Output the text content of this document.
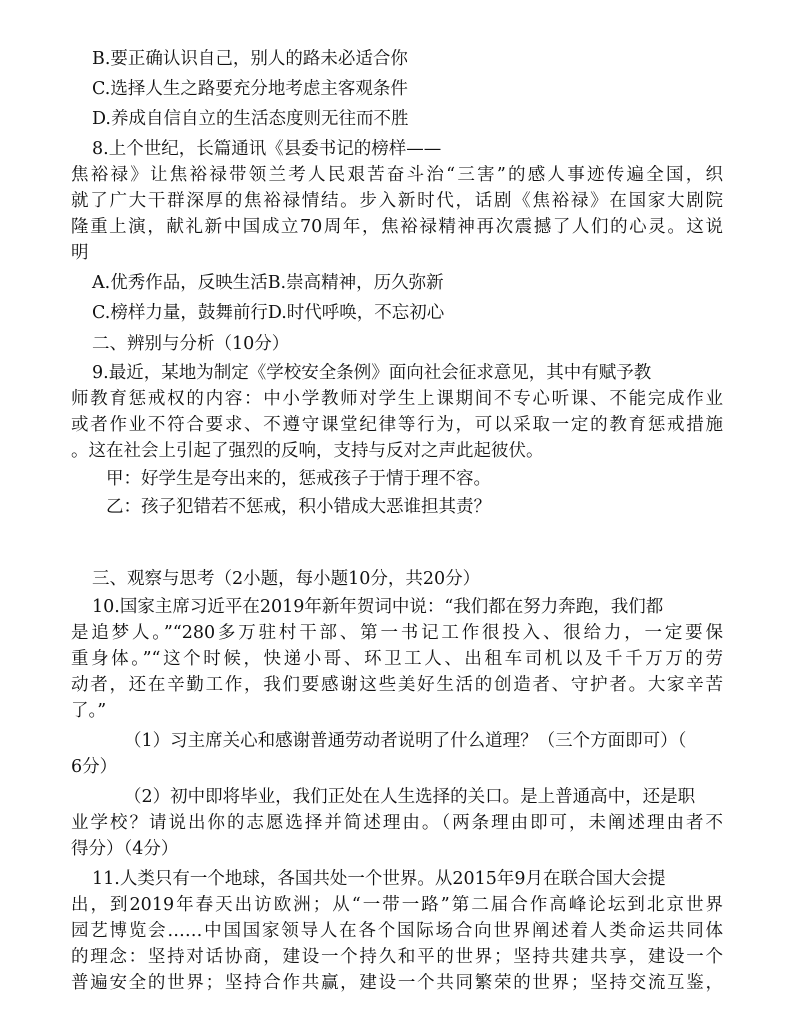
B.要正确认识自己，别人的路未必适合你
C.选择人生之路要充分地考虑主客观条件
D.养成自信自立的生活态度则无往而不胜
8.上个世纪，长篇通讯《县委书记的榜样——
焦裕禄》让焦裕禄带领兰考人民艰苦奋斗治“三害”的感人事迹传遍全国，织
就了广大干群深厚的焦裕禄情结。步入新时代，话剧《焦裕禄》在国家大剧院
隆重上演，献礼新中国成立70周年，焦裕禄精神再次震撼了人们的心灵。这说
明
A.优秀作品，反映生活B.崇高精神，历久弥新
C.榜样力量，鼓舞前行D.时代呼唤，不忘初心
二、辨别与分析（10分）
9.最近，某地为制定《学校安全条例》面向社会征求意见，其中有赋予教
师教育惩戒权的内容：中小学教师对学生上课期间不专心听课、不能完成作业
或者作业不符合要求、不遵守课堂纪律等行为，可以采取一定的教育惩戒措施
。这在社会上引起了强烈的反响，支持与反对之声此起彼伏。
甲：好学生是夸出来的，惩戒孩子于情于理不容。
乙：孩子犯错若不惩戒，积小错成大恶谁担其责？
三、观察与思考（2小题，每小题10分，共20分）
10.国家主席习近平在2019年新年贺词中说：“我们都在努力奔跑，我们都
是追梦人。”“280多万驻村干部、第一书记工作很投入、很给力，一定要保
重身体。”“这个时候，快递小哥、环卫工人、出租车司机以及千千万万的劳
动者，还在辛勤工作，我们要感谢这些美好生活的创造者、守护者。大家辛苦
了。”
（1）习主席关心和感谢普通劳动者说明了什么道理？（三个方面即可）（
6分）
（2）初中即将毕业，我们正处在人生选择的关口。是上普通高中，还是职
业学校？请说出你的志愿选择并简述理由。（两条理由即可，未阐述理由者不
得分）（4分）
11.人类只有一个地球，各国共处一个世界。从2015年9月在联合国大会提
出，到2019年春天出访欧洲；从“一带一路”第二届合作高峰论坛到北京世界
园艺博览会……中国国家领导人在各个国际场合向世界阐述着人类命运共同体
的理念：坚持对话协商，建设一个持久和平的世界；坚持共建共享，建设一个
普遍安全的世界；坚持合作共赢，建设一个共同繁荣的世界；坚持交流互鉴，
